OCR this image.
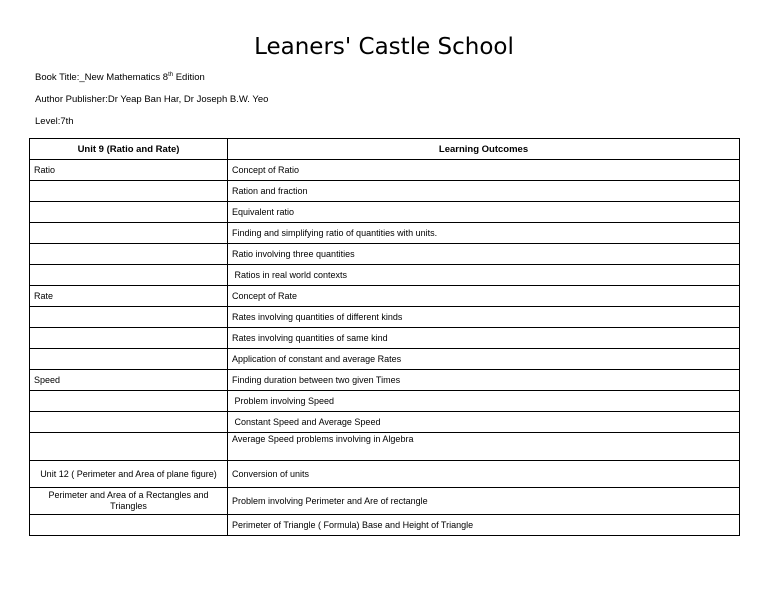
Leaners' Castle School
Book Title:_New Mathematics 8th Edition
Author Publisher:Dr Yeap Ban Har, Dr Joseph B.W. Yeo
Level:7th
Unit 9 (Ratio and Rate)	Learning Outcomes
Ratio	Concept of Ratio
	Ration and fraction
	Equivalent ratio
	Finding and simplifying ratio of quantities with units.
	Ratio involving three quantities
	Ratios in real world contexts
Rate	Concept of Rate
	Rates involving quantities of different kinds
	Rates involving quantities of same kind
	Application of constant and average Rates
Speed	Finding duration between two given Times
	Problem involving Speed
	Constant Speed and Average Speed
	Average Speed problems involving in Algebra
Unit 12 ( Perimeter and Area of plane figure)	Conversion of units
Perimeter and Area of a Rectangles and Triangles	Problem involving Perimeter and Are of rectangle
	Perimeter of Triangle ( Formula) Base and Height of Triangle
